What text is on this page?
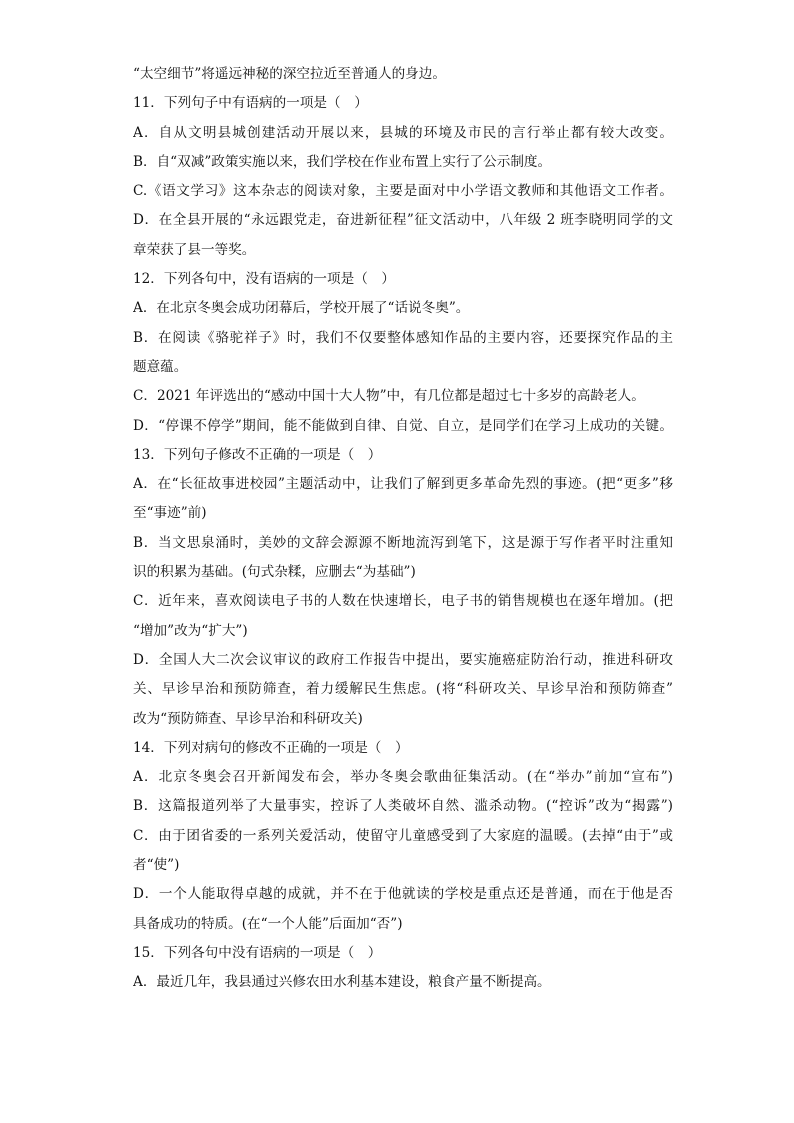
“太空细节”将遥远神秘的深空拉近至普通人的身边。
11．下列句子中有语病的一项是（　）
A．自从文明县城创建活动开展以来，县城的环境及市民的言行举止都有较大改变。
B．自“双减”政策实施以来，我们学校在作业布置上实行了公示制度。
C.《语文学习》这本杂志的阅读对象，主要是面对中小学语文教师和其他语文工作者。
D．在全县开展的“永远跟党走，奋进新征程”征文活动中，八年级 2 班李晓明同学的文
章荣获了县一等奖。
12．下列各句中，没有语病的一项是（　）
A．在北京冬奥会成功闭幕后，学校开展了“话说冬奥”。
B．在阅读《骆驼祥子》时，我们不仅要整体感知作品的主要内容，还要探究作品的主
题意蕴。
C．2021 年评选出的“感动中国十大人物”中，有几位都是超过七十多岁的高龄老人。
D．“停课不停学”期间，能不能做到自律、自觉、自立，是同学们在学习上成功的关键。
13．下列句子修改不正确的一项是（　）
A．在“长征故事进校园”主题活动中，让我们了解到更多革命先烈的事迹。(把“更多”移
至“事迹”前)
B．当文思泉涌时，美妙的文辞会源源不断地流泻到笔下，这是源于写作者平时注重知
识的积累为基础。(句式杂糅，应删去“为基础”)
C．近年来，喜欢阅读电子书的人数在快速增长，电子书的销售规模也在逐年增加。(把
“增加”改为“扩大”)
D．全国人大二次会议审议的政府工作报告中提出，要实施癌症防治行动，推进科研攻
关、早诊早治和预防筛查，着力缓解民生焦虑。(将“科研攻关、早诊早治和预防筛查”
改为“预防筛查、早诊早治和科研攻关)
14．下列对病句的修改不正确的一项是（　）
A．北京冬奥会召开新闻发布会，举办冬奥会歌曲征集活动。(在“举办”前加“宣布”)
B．这篇报道列举了大量事实，控诉了人类破坏自然、滥杀动物。(“控诉”改为“揭露”)
C．由于团省委的一系列关爱活动，使留守儿童感受到了大家庭的温暖。(去掉“由于”或
者“使”)
D．一个人能取得卓越的成就，并不在于他就读的学校是重点还是普通，而在于他是否
具备成功的特质。(在“一个人能”后面加“否”)
15．下列各句中没有语病的一项是（　）
A．最近几年，我县通过兴修农田水利基本建设，粮食产量不断提高。
